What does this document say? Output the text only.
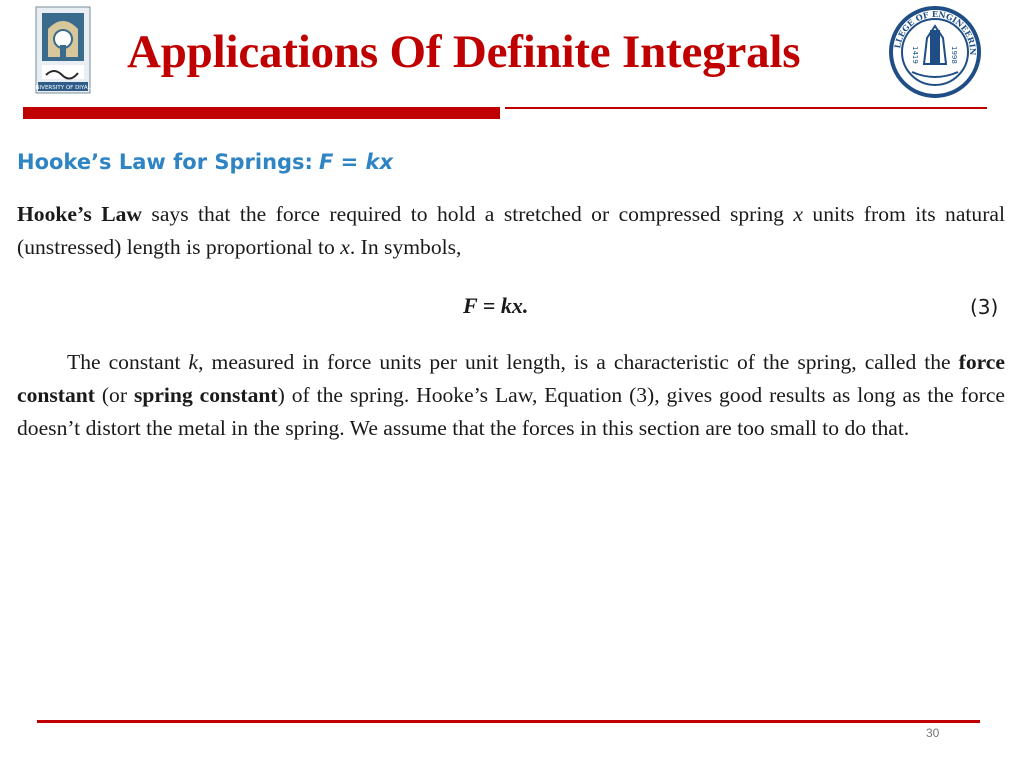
UNIVERSITY OF DIYALA
Applications Of Definite Integrals	LLEGE OF ENGINEERIN
1419	1998
Hooke’s Law for Springs: F = kx
Hooke’s Law says that the force required to hold a stretched or compressed spring x units from its natural (unstressed) length is proportional to x. In symbols,
F = kx.	(3)
The constant k, measured in force units per unit length, is a characteristic of the spring, called the force constant (or spring constant) of the spring. Hooke’s Law, Equation (3), gives good results as long as the force doesn’t distort the metal in the spring. We assume that the forces in this section are too small to do that.
30
